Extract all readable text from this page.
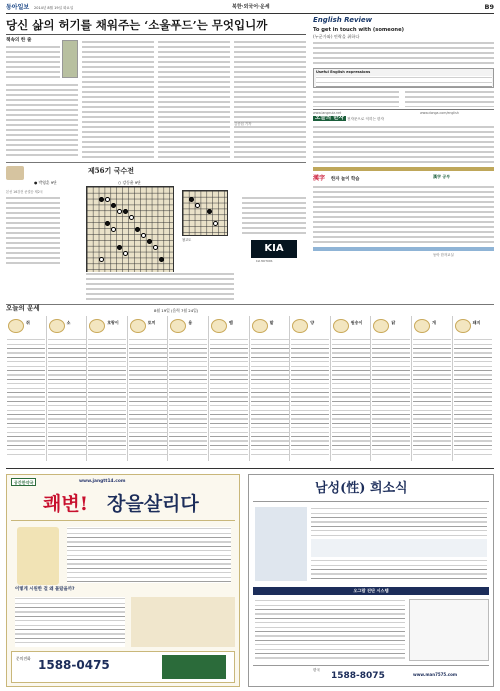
동아일보 2014년 8월 19일 화요일	북한·외국어·운세	B9
당신 삶의 허기를 채워주는 ‘소울푸드’는 무엇입니까
책속의 한 줄
김종섭 기자
English Review
To get in touch with (someone)
(누군가와) 연락을 취하다
Useful English expressions
www.langquiz.net	www.donga.com/english
오늘의 한자 천자문으로 익히는 한자
漢字 공부
漢字 한자 놀이 학습
동아 한자교실
제56기 국수전
● 박영훈 9단	○ 강동윤 9단
본선 16강전 준결승 제2국
참고도
KIA
KIA MOTORS
오늘의 운세	8월 19일 (음력 7월 24일)
쥐	소	호랑이	토끼	용	뱀	말	양	원숭이	닭	개	돼지
공간한약국	www.jangtt14.com
쾌변! 장을살리다
이렇게 시원한 걸 왜 몰랐을까?
문의전화 1588-0475
남성(性) 희소식
오그람 진단 시스템
한국
1588-8075	www.man7575.com
